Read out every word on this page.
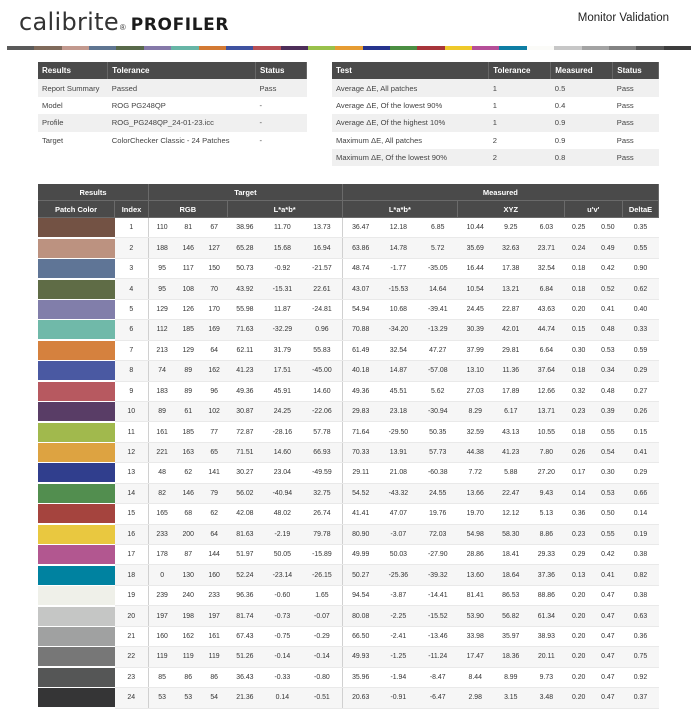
calibrite ® PROFILER	Monitor Validation
Results	Tolerance	Status
Report Summary	Passed	Pass
Model	ROG PG248QP	-
Profile	ROG_PG248QP_24-01-23.icc	-
Target	ColorChecker Classic - 24 Patches	-
Test	Tolerance	Measured	Status
Average ΔE, All patches	1	0.5	Pass
Average ΔE, Of the lowest 90%	1	0.4	Pass
Average ΔE, Of the highest 10%	1	0.9	Pass
Maximum ΔE, All patches	2	0.9	Pass
Maximum ΔE, Of the lowest 90%	2	0.8	Pass
Results		Target						Measured								
Patch Color	Index	RGB			L*a*b*			L*a*b*			XYZ			u'v'		DeltaE

	1	110	81	67	38.96	11.70	13.73	36.47	12.18	6.85	10.44	9.25	6.03	0.25	0.50	0.35

	2	188	146	127	65.28	15.68	16.94	63.86	14.78	5.72	35.69	32.63	23.71	0.24	0.49	0.55

	3	95	117	150	50.73	-0.92	-21.57	48.74	-1.77	-35.05	16.44	17.38	32.54	0.18	0.42	0.90

	4	95	108	70	43.92	-15.31	22.61	43.07	-15.53	14.64	10.54	13.21	6.84	0.18	0.52	0.62

	5	129	126	170	55.98	11.87	-24.81	54.94	10.68	-39.41	24.45	22.87	43.63	0.20	0.41	0.40

	6	112	185	169	71.63	-32.29	0.96	70.88	-34.20	-13.29	30.39	42.01	44.74	0.15	0.48	0.33

	7	213	129	64	62.11	31.79	55.83	61.49	32.54	47.27	37.99	29.81	6.64	0.30	0.53	0.59

	8	74	89	162	41.23	17.51	-45.00	40.18	14.87	-57.08	13.10	11.36	37.64	0.18	0.34	0.29

	9	183	89	96	49.36	45.91	14.60	49.36	45.51	5.62	27.03	17.89	12.66	0.32	0.48	0.27

	10	89	61	102	30.87	24.25	-22.06	29.83	23.18	-30.94	8.29	6.17	13.71	0.23	0.39	0.26

	11	161	185	77	72.87	-28.16	57.78	71.64	-29.50	50.35	32.59	43.13	10.55	0.18	0.55	0.15

	12	221	163	65	71.51	14.60	66.93	70.33	13.91	57.73	44.38	41.23	7.80	0.26	0.54	0.41

	13	48	62	141	30.27	23.04	-49.59	29.11	21.08	-60.38	7.72	5.88	27.20	0.17	0.30	0.29

	14	82	146	79	56.02	-40.94	32.75	54.52	-43.32	24.55	13.66	22.47	9.43	0.14	0.53	0.66

	15	165	68	62	42.08	48.02	26.74	41.41	47.07	19.76	19.70	12.12	5.13	0.36	0.50	0.14

	16	233	200	64	81.63	-2.19	79.78	80.90	-3.07	72.03	54.98	58.30	8.86	0.23	0.55	0.19

	17	178	87	144	51.97	50.05	-15.89	49.99	50.03	-27.90	28.86	18.41	29.33	0.29	0.42	0.38

	18	0	130	160	52.24	-23.14	-26.15	50.27	-25.36	-39.32	13.60	18.64	37.36	0.13	0.41	0.82

	19	239	240	233	96.36	-0.60	1.65	94.54	-3.87	-14.41	81.41	86.53	88.86	0.20	0.47	0.38

	20	197	198	197	81.74	-0.73	-0.07	80.08	-2.25	-15.52	53.90	56.82	61.34	0.20	0.47	0.63

	21	160	162	161	67.43	-0.75	-0.29	66.50	-2.41	-13.46	33.98	35.97	38.93	0.20	0.47	0.36

	22	119	119	119	51.26	-0.14	-0.14	49.93	-1.25	-11.24	17.47	18.36	20.11	0.20	0.47	0.75

	23	85	86	86	36.43	-0.33	-0.80	35.96	-1.94	-8.47	8.44	8.99	9.73	0.20	0.47	0.92

	24	53	53	54	21.36	0.14	-0.51	20.63	-0.91	-6.47	2.98	3.15	3.48	0.20	0.47	0.37
